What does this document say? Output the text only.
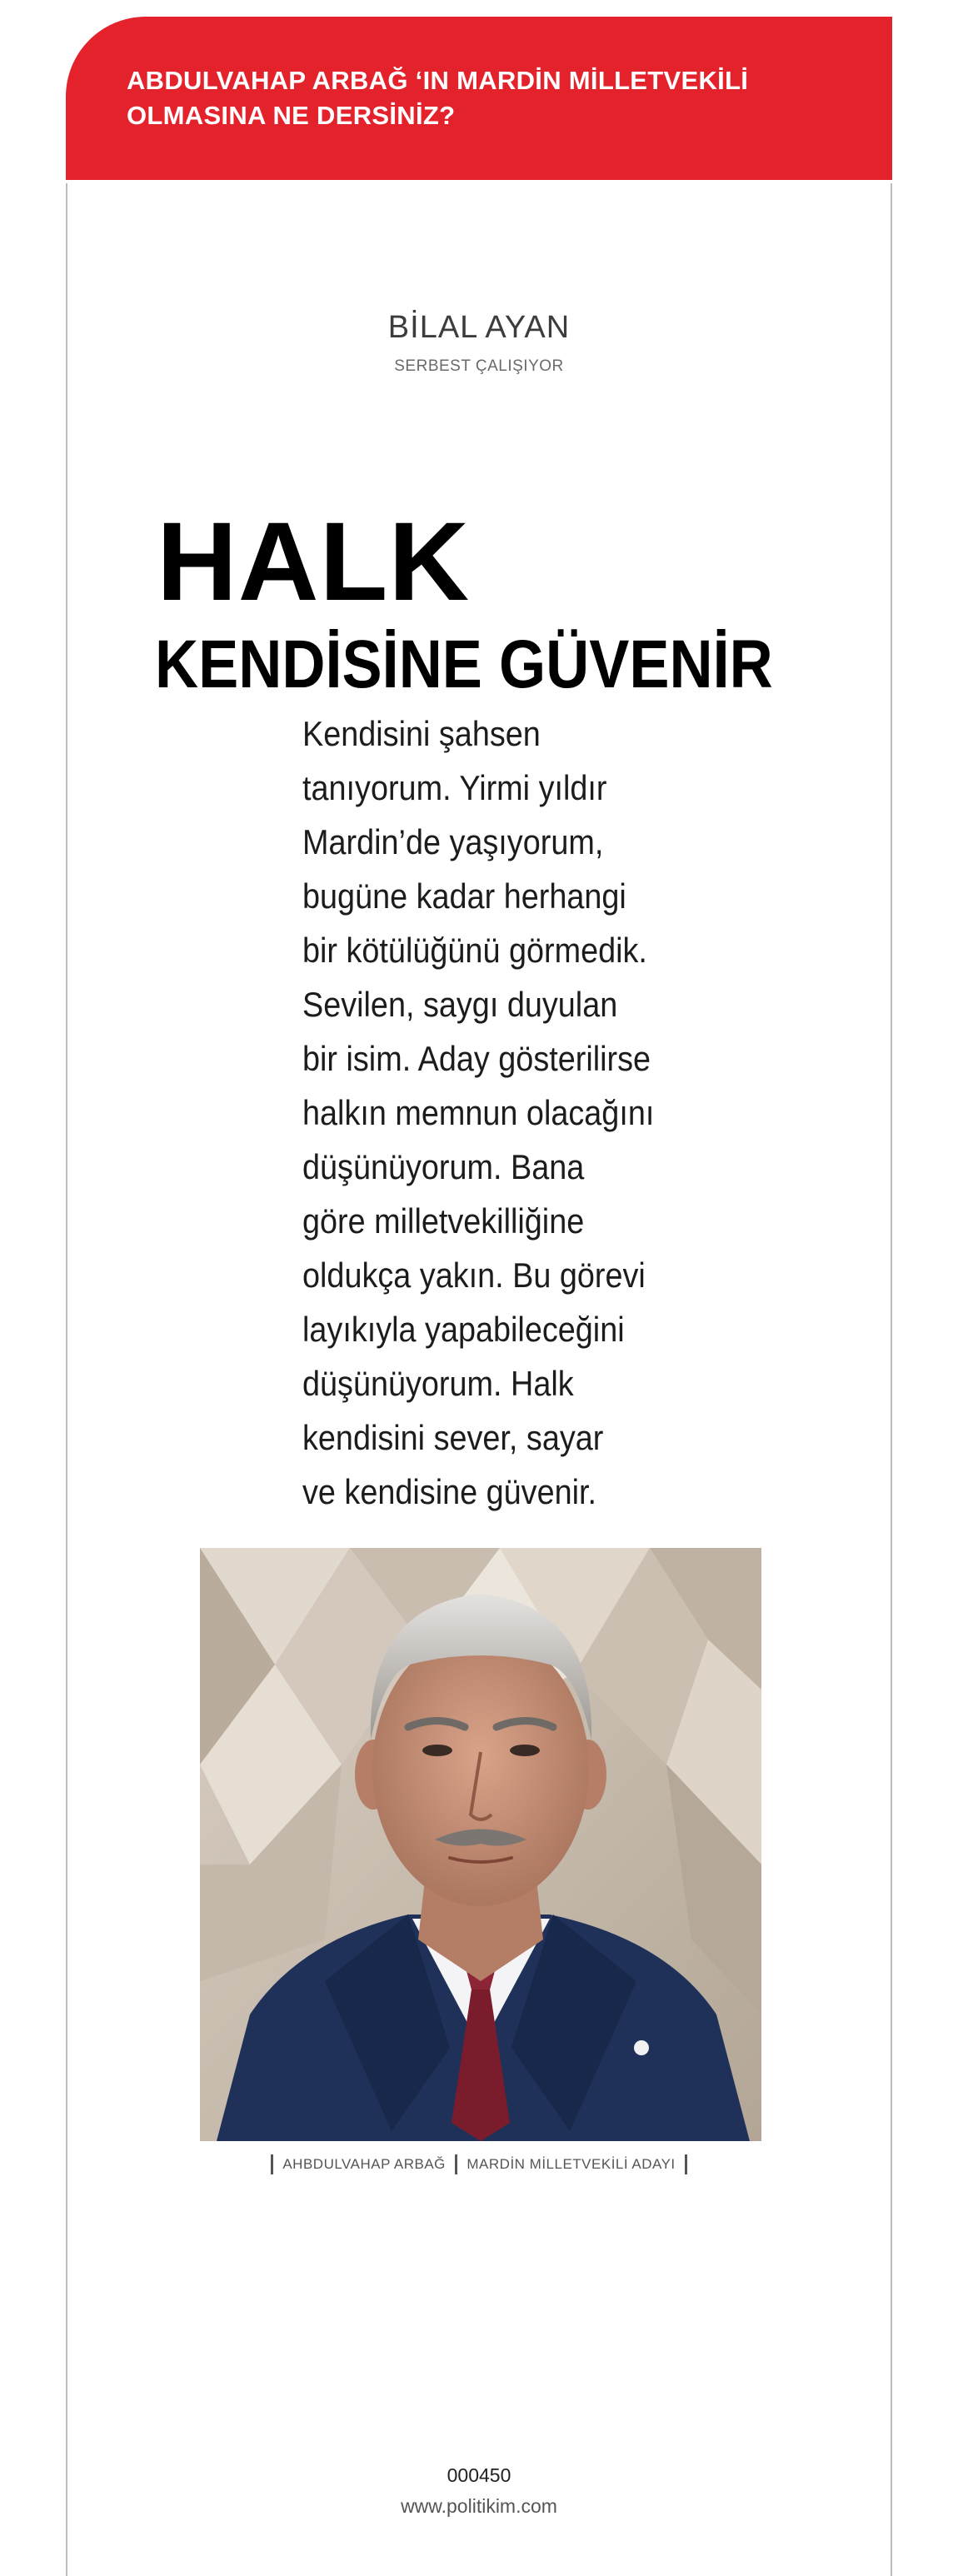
ABDULVAHAP ARBAĞ ‘IN MARDİN MİLLETVEKİLİ OLMASINA NE DERSİNİZ?

BİLAL AYAN
SERBEST ÇALIŞIYOR
HALK
KENDİSİNE GÜVENİR
Kendisini şahsen
tanıyorum. Yirmi yıldır
Mardin’de yaşıyorum,
bugüne kadar herhangi
bir kötülüğünü görmedik.
Sevilen, saygı duyulan
bir isim. Aday gösterilirse
halkın memnun olacağını
düşünüyorum. Bana
göre milletvekilliğine
oldukça yakın. Bu görevi
layıkıyla yapabileceğini
düşünüyorum. Halk
kendisini sever, sayar
ve kendisine güvenir.
AHBDULVAHAP ARBAĞ MARDİN MİLLETVEKİLİ ADAYI
000450
www.politikim.com
